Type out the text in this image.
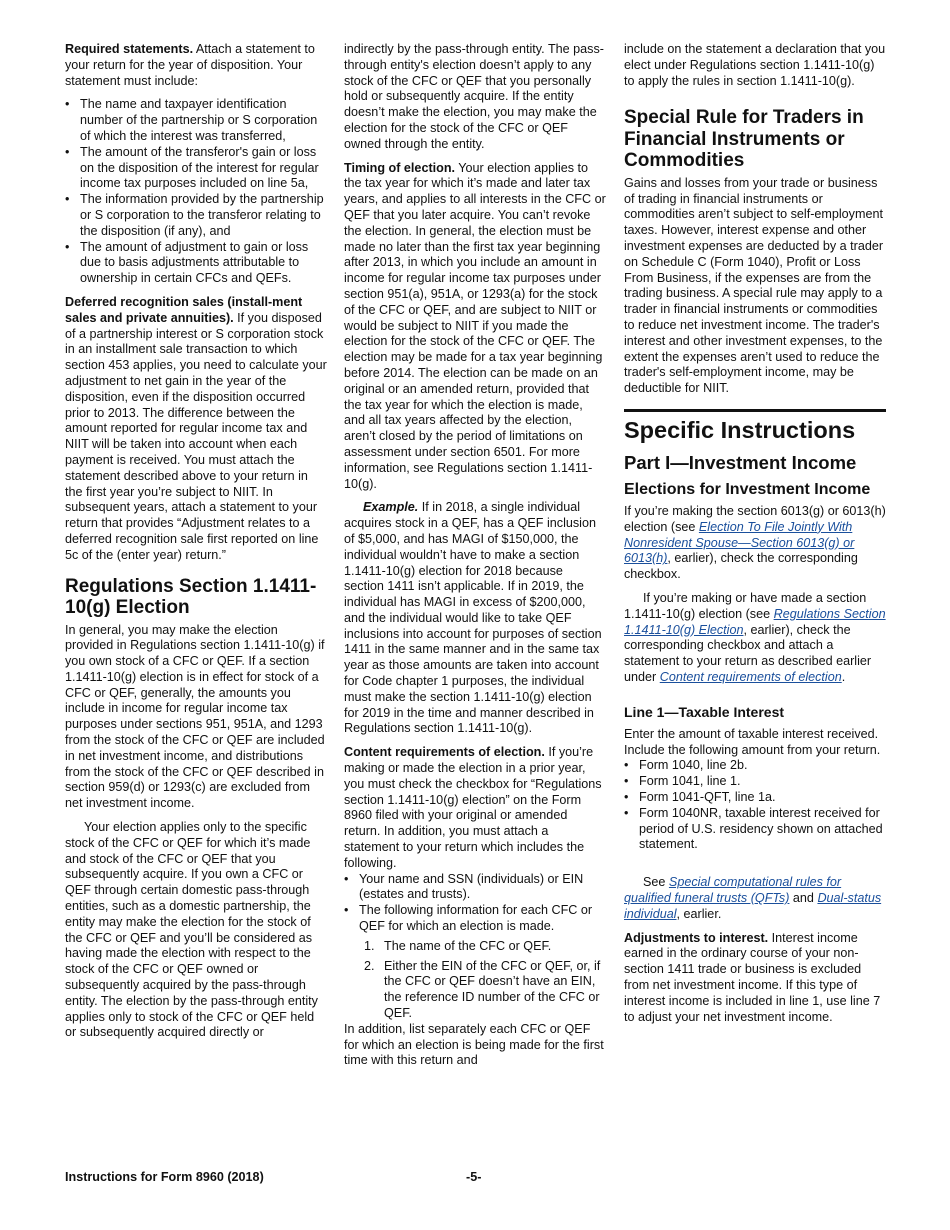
Required statements. Attach a statement to your return for the year of disposition. Your statement must include:

• The name and taxpayer identification number of the partnership or S corporation of which the interest was transferred,

• The amount of the transferor's gain or loss on the disposition of the interest for regular income tax purposes included on line 5a,

• The information provided by the partnership or S corporation to the transferor relating to the disposition (if any), and

• The amount of adjustment to gain or loss due to basis adjustments attributable to ownership in certain CFCs and QEFs.

Deferred recognition sales (install-ment sales and private annuities). If you disposed of a partnership interest or S corporation stock in an installment sale transaction to which section 453 applies, you need to calculate your adjustment to net gain in the year of the disposition, even if the disposition occurred prior to 2013. The difference between the amount reported for regular income tax and NIIT will be taken into account when each payment is received. You must attach the statement described above to your return in the first year you’re subject to NIIT. In subsequent years, attach a statement to your return that provides “Adjustment relates to a deferred recognition sale first reported on line 5c of the (enter year) return.”

Regulations Section 1.1411-10(g) Election

In general, you may make the election provided in Regulations section 1.1411-10(g) if you own stock of a CFC or QEF. If a section 1.1411-10(g) election is in effect for stock of a CFC or QEF, generally, the amounts you include in income for regular income tax purposes under sections 951, 951A, and 1293 from the stock of the CFC or QEF are included in net investment income, and distributions from the stock of the CFC or QEF described in section 959(d) or 1293(c) are excluded from net investment income.

Your election applies only to the specific stock of the CFC or QEF for which it’s made and stock of the CFC or QEF that you subsequently acquire. If you own a CFC or QEF through certain domestic pass-through entities, such as a domestic partnership, the entity may make the election for the stock of the CFC or QEF and you’ll be considered as having made the election with respect to the stock of the CFC or QEF owned or subsequently acquired by the pass-through entity. The election by the pass-through entity applies only to stock of the CFC or QEF held or subsequently acquired directly or

indirectly by the pass-through entity. The pass-through entity's election doesn’t apply to any stock of the CFC or QEF that you personally hold or subsequently acquire. If the entity doesn’t make the election, you may make the election for the stock of the CFC or QEF owned through the entity.

Timing of election. Your election applies to the tax year for which it’s made and later tax years, and applies to all interests in the CFC or QEF that you later acquire. You can’t revoke the election. In general, the election must be made no later than the first tax year beginning after 2013, in which you include an amount in income for regular income tax purposes under section 951(a), 951A, or 1293(a) for the stock of the CFC or QEF, and are subject to NIIT or would be subject to NIIT if you made the election for the stock of the CFC or QEF. The election may be made for a tax year beginning before 2014. The election can be made on an original or an amended return, provided that the tax year for which the election is made, and all tax years affected by the election, aren’t closed by the period of limitations on assessment under section 6501. For more information, see Regulations section 1.1411-10(g).

Example. If in 2018, a single individual acquires stock in a QEF, has a QEF inclusion of $5,000, and has MAGI of $150,000, the individual wouldn’t have to make a section 1.1411-10(g) election for 2018 because section 1411 isn’t applicable. If in 2019, the individual has MAGI in excess of $200,000, and the individual would like to take QEF inclusions into account for purposes of section 1411 in the same manner and in the same tax year as those amounts are taken into account for Code chapter 1 purposes, the individual must make the section 1.1411-10(g) election for 2019 in the time and manner described in Regulations section 1.1411-10(g).

Content requirements of election. If you’re making or made the election in a prior year, you must check the checkbox for “Regulations section 1.1411-10(g) election” on the Form 8960 filed with your original or amended return. In addition, you must attach a statement to your return which includes the following.

• Your name and SSN (individuals) or EIN (estates and trusts).

• The following information for each CFC or QEF for which an election is made.

1. The name of the CFC or QEF.

2. Either the EIN of the CFC or QEF, or, if the CFC or QEF doesn’t have an EIN, the reference ID number of the CFC or QEF.

In addition, list separately each CFC or QEF for which an election is being made for the first time with this return and

include on the statement a declaration that you elect under Regulations section 1.1411-10(g) to apply the rules in section 1.1411-10(g).

Special Rule for Traders in Financial Instruments or Commodities

Gains and losses from your trade or business of trading in financial instruments or commodities aren’t subject to self-employment taxes. However, interest expense and other investment expenses are deducted by a trader on Schedule C (Form 1040), Profit or Loss From Business, if the expenses are from the trading business. A special rule may apply to a trader in financial instruments or commodities to reduce net investment income. The trader's interest and other investment expenses, to the extent the expenses aren’t used to reduce the trader's self-employment income, may be deductible for NIIT.

Specific Instructions
Part I—Investment Income
Elections for Investment Income

If you’re making the section 6013(g) or 6013(h) election (see Election To File Jointly With Nonresident Spouse—Section 6013(g) or 6013(h), earlier), check the corresponding checkbox.

If you’re making or have made a section 1.1411-10(g) election (see Regulations Section 1.1411-10(g) Election, earlier), check the corresponding checkbox and attach a statement to your return as described earlier under Content requirements of election.

Line 1—Taxable Interest

Enter the amount of taxable interest received. Include the following amount from your return.

• Form 1040, line 2b.

• Form 1041, line 1.

• Form 1041-QFT, line 1a.

• Form 1040NR, taxable interest received for period of U.S. residency shown on attached statement.

See Special computational rules for qualified funeral trusts (QFTs) and Dual-status individual, earlier.

Adjustments to interest. Interest income earned in the ordinary course of your non-section 1411 trade or business is excluded from net investment income. If this type of interest income is included in line 1, use line 7 to adjust your net investment income.

Instructions for Form 8960 (2018)	-5-
